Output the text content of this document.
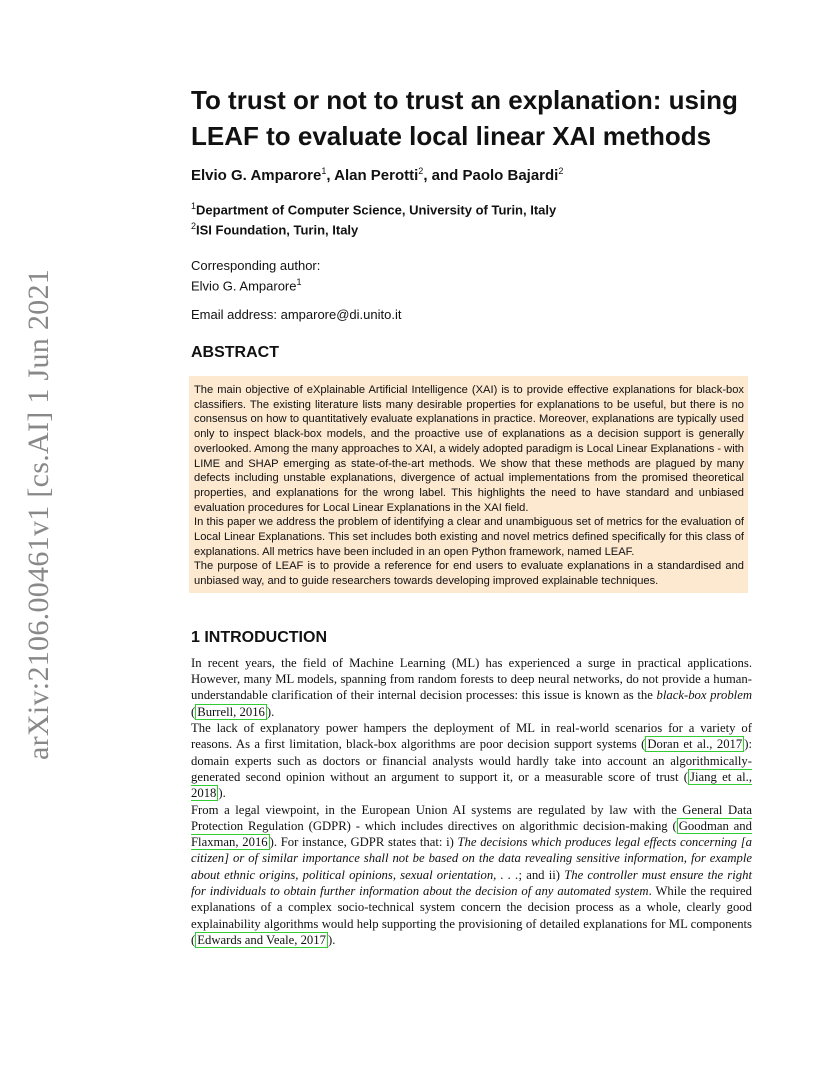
arXiv:2106.00461v1 [cs.AI] 1 Jun 2021
To trust or not to trust an explanation: using LEAF to evaluate local linear XAI methods
Elvio G. Amparore$^1$, Alan Perotti$^2$, and Paolo Bajardi$^2$
$^1$Department of Computer Science, University of Turin, Italy
$^2$ISI Foundation, Turin, Italy
Corresponding author:
Elvio G. Amparore$^1$
Email address: amparore@di.unito.it
ABSTRACT

The main objective of eXplainable Artificial Intelligence (XAI) is to provide effective explanations for black-box classifiers. The existing literature lists many desirable properties for explanations to be useful, but there is no consensus on how to quantitatively evaluate explanations in practice. Moreover, explanations are typically used only to inspect black-box models, and the proactive use of explanations as a decision support is generally overlooked. Among the many approaches to XAI, a widely adopted paradigm is Local Linear Explanations - with LIME and SHAP emerging as state-of-the-art methods. We show that these methods are plagued by many defects including unstable explanations, divergence of actual implementations from the promised theoretical properties, and explanations for the wrong label. This highlights the need to have standard and unbiased evaluation procedures for Local Linear Explanations in the XAI field.

In this paper we address the problem of identifying a clear and unambiguous set of metrics for the evaluation of Local Linear Explanations. This set includes both existing and novel metrics defined specifically for this class of explanations. All metrics have been included in an open Python framework, named LEAF.

The purpose of LEAF is to provide a reference for end users to evaluate explanations in a standardised and unbiased way, and to guide researchers towards developing improved explainable techniques.

1 INTRODUCTION

In recent years, the field of Machine Learning (ML) has experienced a surge in practical applications. However, many ML models, spanning from random forests to deep neural networks, do not provide a human-understandable clarification of their internal decision processes: this issue is known as the black-box problem ( Burrell, 2016 ).

The lack of explanatory power hampers the deployment of ML in real-world scenarios for a variety of reasons. As a first limitation, black-box algorithms are poor decision support systems ( Doran et al., 2017 ): domain experts such as doctors or financial analysts would hardly take into account an algorithmically-generated second opinion without an argument to support it, or a measurable score of trust ( Jiang et al., 2018 ).

From a legal viewpoint, in the European Union AI systems are regulated by law with the General Data Protection Regulation (GDPR) - which includes directives on algorithmic decision-making ( Goodman and Flaxman, 2016 ). For instance, GDPR states that: i) The decisions which produces legal effects concerning [a citizen] or of similar importance shall not be based on the data revealing sensitive information, for example about ethnic origins, political opinions, sexual orientation, . . .; and ii) The controller must ensure the right for individuals to obtain further information about the decision of any automated system. While the required explanations of a complex socio-technical system concern the decision process as a whole, clearly good explainability algorithms would help supporting the provisioning of detailed explanations for ML components ( Edwards and Veale, 2017 ).
